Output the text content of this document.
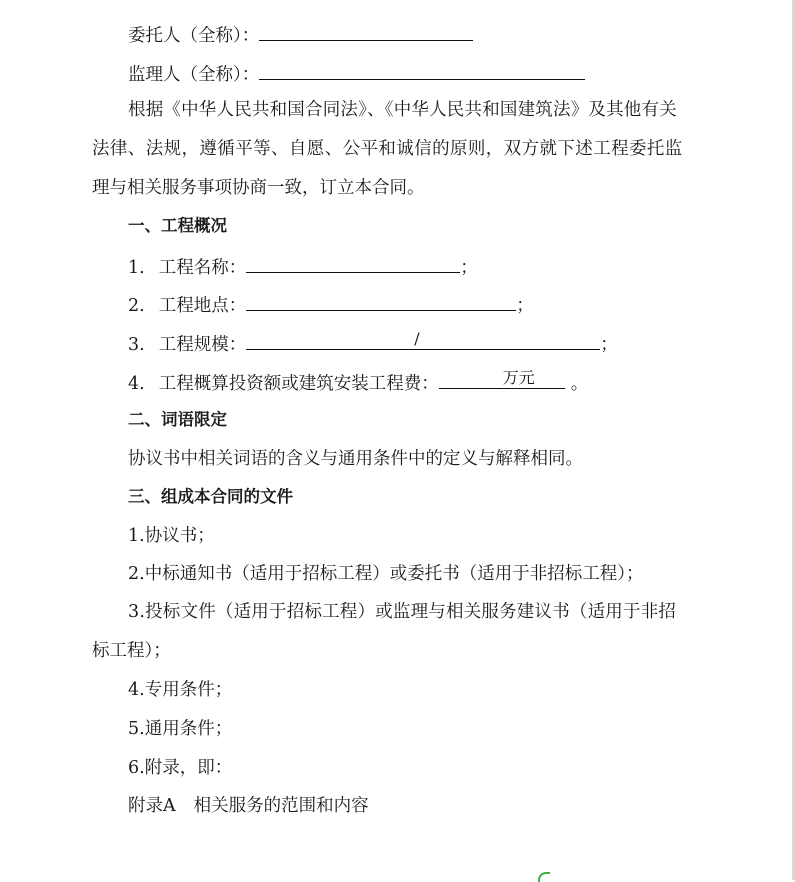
委托人（全称）：
监理人（全称）：
根据《中华人民共和国合同法》、《中华人民共和国建筑法》及其他有关
法律、法规，遵循平等、自愿、公平和诚信的原则，双方就下述工程委托监
理与相关服务事项协商一致，订立本合同。
一、工程概况
1. 工程名称：	；
2. 工程地点：	；
3. 工程规模：	/	；
4. 工程概算投资额或建筑安装工程费：	万元 。
二、词语限定
协议书中相关词语的含义与通用条件中的定义与解释相同。
三、组成本合同的文件
1.协议书；
2.中标通知书（适用于招标工程）或委托书（适用于非招标工程）；
3.投标文件（适用于招标工程）或监理与相关服务建议书（适用于非招
标工程）；
4.专用条件；
5.通用条件；
6.附录，即：
附录A 相关服务的范围和内容
